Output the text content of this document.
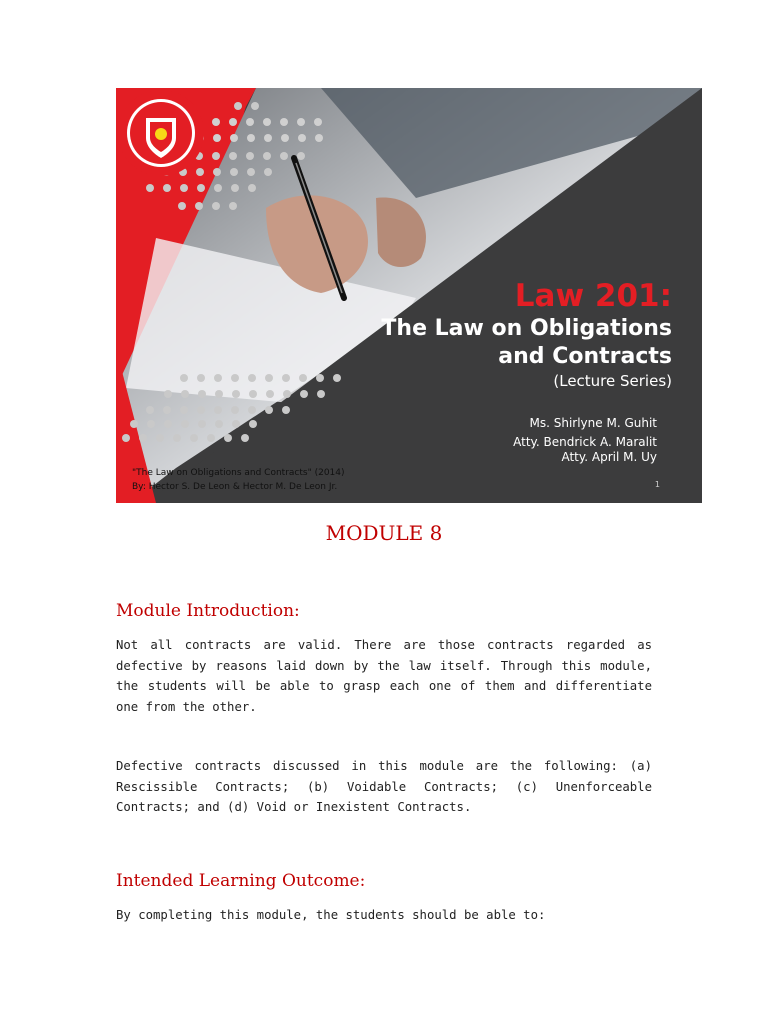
Law 201:
The Law on Obligations
and Contracts
(Lecture Series)
Ms. Shirlyne M. Guhit
Atty. Bendrick A. Maralit
Atty. April M. Uy
"The Law on Obligations and Contracts" (2014)
By: Hector S. De Leon & Hector M. De Leon Jr.	1
MODULE 8
Module Introduction:
Not all contracts are valid. There are those contracts regarded as defective by reasons laid down by the law itself. Through this module, the students will be able to grasp each one of them and differentiate one from the other.
Defective contracts discussed in this module are the following: (a) Rescissible Contracts; (b) Voidable Contracts; (c) Unenforceable Contracts; and (d) Void or Inexistent Contracts.
Intended Learning Outcome:
By completing this module, the students should be able to:
